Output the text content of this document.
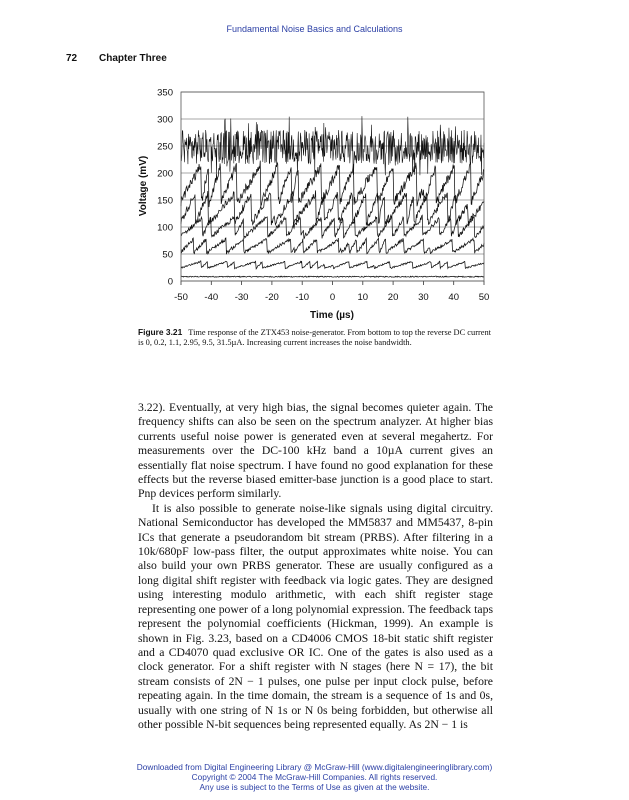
Fundamental Noise Basics and Calculations
72 Chapter Three
0
50
100
150
200
250
300
350
-50 -40 -30 -20 -10 0 10 20 30 40 50
Voltage (mV)
Time (µs)
Figure 3.21 Time response of the ZTX453 noise-generator. From bottom to top the reverse DC current is 0, 0.2, 1.1, 2.95, 9.5, 31.5µA. Increasing current increases the noise bandwidth.

3.22). Eventually, at very high bias, the signal becomes quieter again. The frequency shifts can also be seen on the spectrum analyzer. At higher bias currents useful noise power is generated even at several megahertz. For measurements over the DC-100 kHz band a 10µA current gives an essentially flat noise spectrum. I have found no good explanation for these effects but the reverse biased emitter-base junction is a good place to start. Pnp devices perform similarly.

It is also possible to generate noise-like signals using digital circuitry. National Semiconductor has developed the MM5837 and MM5437, 8-pin ICs that generate a pseudorandom bit stream (PRBS). After filtering in a 10k/680pF low-pass filter, the output approximates white noise. You can also build your own PRBS generator. These are usually configured as a long digital shift register with feedback via logic gates. They are designed using interesting modulo arithmetic, with each shift register stage representing one power of a long polynomial expression. The feedback taps represent the polynomial coefficients (Hickman, 1999). An example is shown in Fig. 3.23, based on a CD4006 CMOS 18-bit static shift register and a CD4070 quad exclusive OR IC. One of the gates is also used as a clock generator. For a shift register with N stages (here N = 17), the bit stream consists of 2N − 1 pulses, one pulse per input clock pulse, before repeating again. In the time domain, the stream is a sequence of 1s and 0s, usually with one string of N 1s or N 0s being forbidden, but otherwise all other possible N-bit sequences being represented equally. As 2N − 1 is

Downloaded from Digital Engineering Library @ McGraw-Hill (www.digitalengineeringlibrary.com)
Copyright © 2004 The McGraw-Hill Companies. All rights reserved.
Any use is subject to the Terms of Use as given at the website.
